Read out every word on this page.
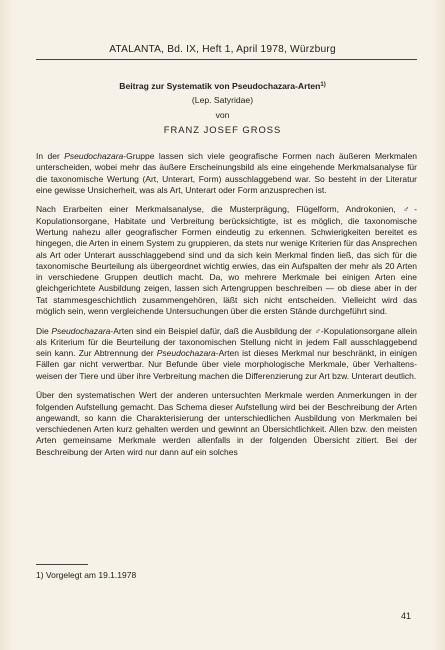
ATALANTA, Bd. IX, Heft 1, April 1978, Würzburg
Beitrag zur Systematik von Pseudochazara-Arten$^{1)}$
(Lep. Satyridae)
von
FRANZ JOSEF GROSS

In der Pseudochazara-Gruppe lassen sich viele geografische Formen nach äußeren Merkmalen unterscheiden, wobei mehr das äußere Erscheinungsbild als eine eingehende Merkmalsanalyse für die taxonomische Wertung (Art, Unterart, Form) ausschlaggebend war. So besteht in der Literatur eine gewisse Unsicherheit, was als Art, Unterart oder Form anzusprechen ist.

Nach Erarbeiten einer Merkmalsanalyse, die Musterprägung, Flügelform, Androkonien, ♂-Kopulationsorgane, Habitate und Verbreitung berücksichtigte, ist es möglich, die taxonomische Wertung nahezu aller geografischer Formen eindeutig zu erkennen. Schwierigkeiten bereitet es hingegen, die Arten in einem System zu gruppieren, da stets nur wenige Kriterien für das Ansprechen als Art oder Unterart ausschlaggebend sind und da sich kein Merkmal finden ließ, das sich für die taxonomische Beurteilung als übergeordnet wichtig erwies, das ein Aufspalten der mehr als 20 Arten in verschiedene Gruppen deutlich macht. Da, wo mehrere Merkmale bei einigen Arten eine gleichgerichtete Ausbildung zeigen, lassen sich Artengruppen beschreiben — ob diese aber in der Tat stammesgeschichtlich zusammengehören, läßt sich nicht entscheiden. Vielleicht wird das möglich sein, wenn vergleichende Untersuchungen über die ersten Stände durchgeführt sind.

Die Pseudochazara-Arten sind ein Beispiel dafür, daß die Ausbildung der ♂-Kopulationsorgane allein als Kriterium für die Beurteilung der taxonomischen Stellung nicht in jedem Fall ausschlaggebend sein kann. Zur Abtrennung der Pseudochazara-Arten ist dieses Merkmal nur beschränkt, in einigen Fällen gar nicht verwertbar. Nur Befunde über viele morphologische Merkmale, über Verhaltensweisen der Tiere und über ihre Verbreitung machen die Differenzierung zur Art bzw. Unterart deutlich.

Über den systematischen Wert der anderen untersuchten Merkmale werden Anmerkungen in der folgenden Aufstellung gemacht. Das Schema dieser Aufstellung wird bei der Beschreibung der Arten angewandt, so kann die Charakterisierung der unterschiedlichen Ausbildung von Merkmalen bei verschiedenen Arten kurz gehalten werden und gewinnt an Übersichtlichkeit. Allen bzw. den meisten Arten gemeinsame Merkmale werden allenfalls in der folgenden Übersicht zitiert. Bei der Beschreibung der Arten wird nur dann auf ein solches

1) Vorgelegt am 19.1.1978
41
